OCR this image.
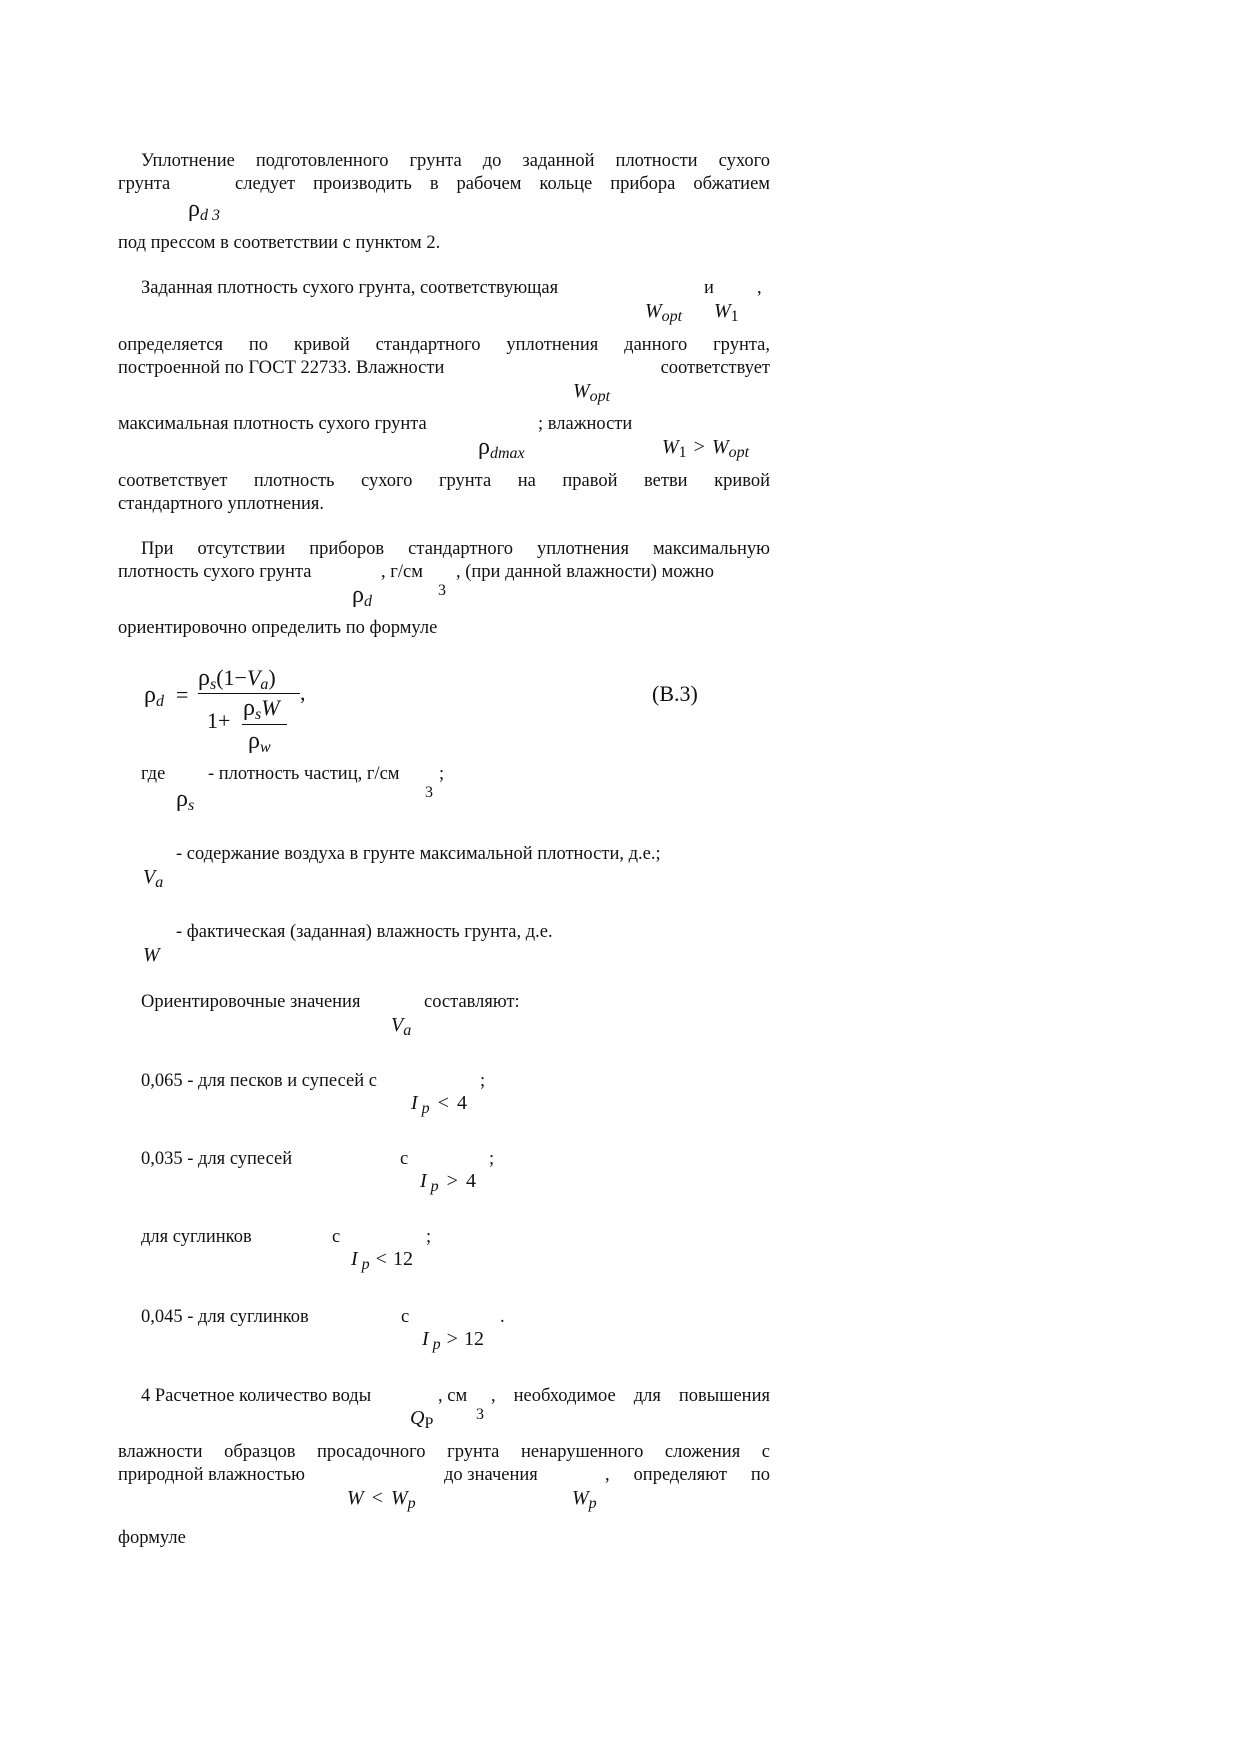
Уплотнение подготовленного грунта до заданной плотности сухого
грунта	следует производить в рабочем кольце прибора обжатием
$\rho_{d 3}$
под прессом в соответствии с пунктом 2.
Заданная плотность сухого грунта, соответствующая	и ,
$W_{opt}$ $W_1$
определяется по кривой стандартного уплотнения данного грунта,
построенной по ГОСТ 22733. Влажности	соответствует
$W_{opt}$
максимальная плотность сухого грунта	; влажности
$\rho_{dmax}$	$W_1 > W_{opt}$
соответствует плотность сухого грунта на правой ветви кривой
стандартного уплотнения.
При отсутствии приборов стандартного уплотнения максимальную
плотность сухого грунта	, г/см
3
, (при данной влажности) можно
$\rho_d$
ориентировочно определить по формуле
ρd =
ρs(1−Va)
,
1+ ρsW
ρw
(B.3)
где - плотность частиц, г/см
3
;
$\rho_s$
- содержание воздуха в грунте максимальной плотности, д.е.;
$V_a$
- фактическая (заданная) влажность грунта, д.е.
W
Ориентировочные значения	составляют:
$V_a$
0,065 - для песков и супесей с	;
I $_p$ < 4
0,035 - для супесей	с	;
I $_p$ > 4
для суглинков	с	;
I $_p$ < 12
0,045 - для суглинков	с	.
I $_p$ > 12
4 Расчетное количество воды	, см
3
, необходимое для повышения
$Q_P$
влажности образцов просадочного грунта ненарушенного сложения с
природной влажностью	до значения	, определяют по
$W < W_p$	$W_p$
формуле
